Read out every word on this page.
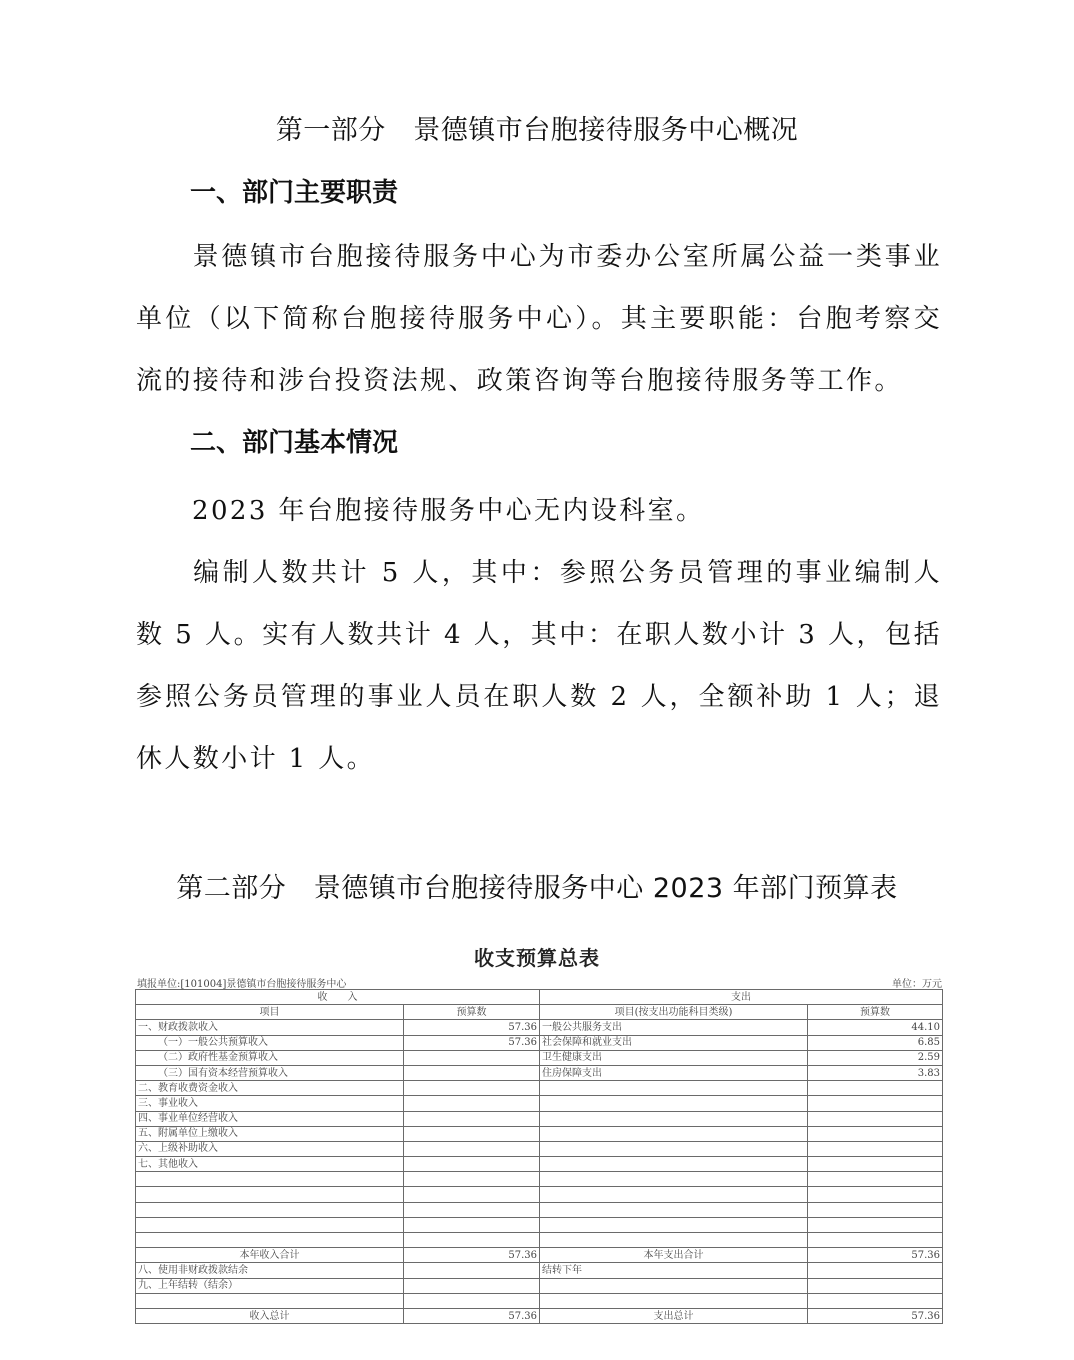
第一部分　景德镇市台胞接待服务中心概况
一、部门主要职责
景德镇市台胞接待服务中心为市委办公室所属公益一类事业单位（以下简称台胞接待服务中心）。其主要职能：台胞考察交流的接待和涉台投资法规、政策咨询等台胞接待服务等工作。
二、部门基本情况
2023 年台胞接待服务中心无内设科室。
编制人数共计 5 人，其中：参照公务员管理的事业编制人数 5 人。实有人数共计 4 人，其中：在职人数小计 3 人，包括参照公务员管理的事业人员在职人数 2 人，全额补助 1 人；退休人数小计 1 人。
第二部分　景德镇市台胞接待服务中心 2023 年部门预算表
收支预算总表
填报单位:[101004]景德镇市台胞接待服务中心	单位：万元
收　　入		支出	
项目	预算数	项目(按支出功能科目类级)	预算数
一、财政拨款收入	57.36	一般公共服务支出	44.10
（一）一般公共预算收入	57.36	社会保障和就业支出	6.85
（二）政府性基金预算收入		卫生健康支出	2.59
（三）国有资本经营预算收入		住房保障支出	3.83
二、教育收费资金收入			
三、事业收入			
四、事业单位经营收入			
五、附属单位上缴收入			
六、上级补助收入			
七、其他收入			

本年收入合计	57.36	本年支出合计	57.36
八、使用非财政拨款结余		结转下年	
九、上年结转（结余）			

收入总计	57.36	支出总计	57.36
